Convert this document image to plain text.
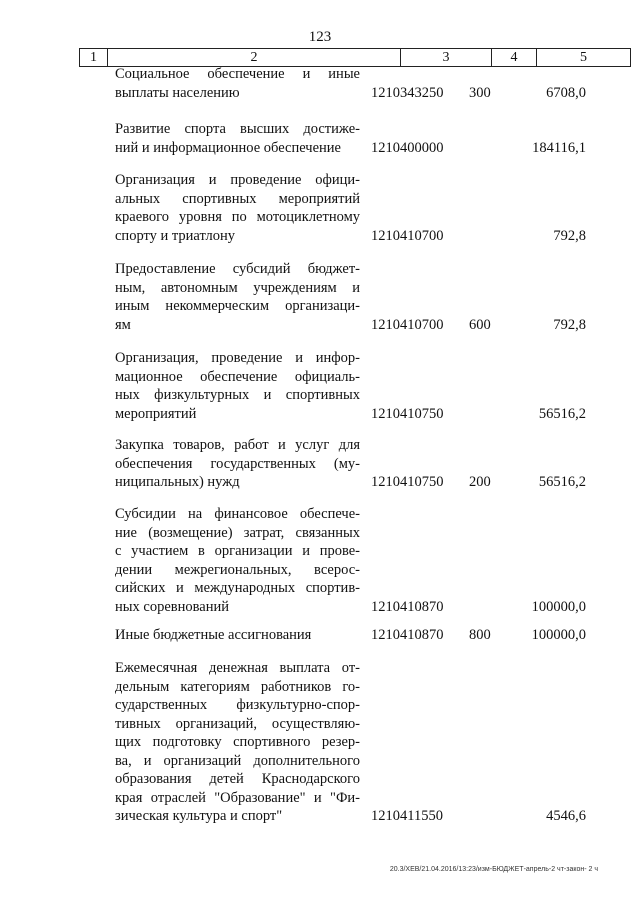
123
1	2	3	4	5
Социальное обеспечение и иные
выплаты населению	1210343250 300	6708,0
Развитие спорта высших достиже-
ний и информационное обеспечение	1210400000	184116,1
Организация и проведение офици-
альных спортивных мероприятий
краевого уровня по мотоциклетному
спорту и триатлону	1210410700	792,8
Предоставление субсидий бюджет-
ным, автономным учреждениям и
иным некоммерческим организаци-
ям	1210410700 600	792,8
Организация, проведение и инфор-
мационное обеспечение официаль-
ных физкультурных и спортивных
мероприятий	1210410750	56516,2
Закупка товаров, работ и услуг для
обеспечения государственных (му-
ниципальных) нужд	1210410750 200	56516,2
Субсидии на финансовое обеспече-
ние (возмещение) затрат, связанных
с участием в организации и прове-
дении межрегиональных, всерос-
сийских и международных спортив-
ных соревнований	1210410870	100000,0
Иные бюджетные ассигнования	1210410870 800	100000,0
Ежемесячная денежная выплата от-
дельным категориям работников го-
сударственных физкультурно-спор-
тивных организаций, осуществляю-
щих подготовку спортивного резер-
ва, и организаций дополнительного
образования детей Краснодарского
края отраслей "Образование" и "Фи-
зическая культура и спорт"	1210411550	4546,6
20.3/ХЕВ/21.04.2016/13:23/изм-БЮДЖЕТ-апрель-2 чт-закон- 2 ч
